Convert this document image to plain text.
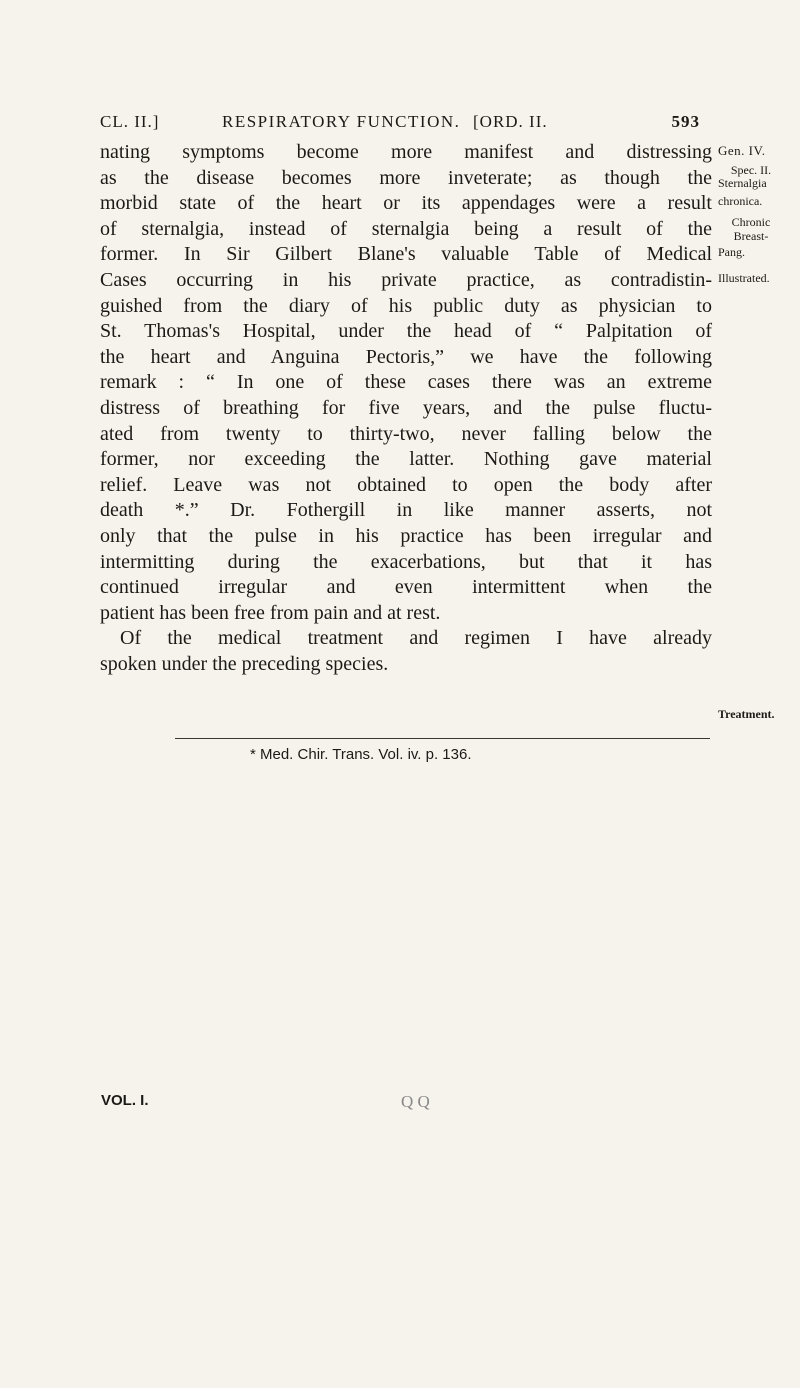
CL. II.]	RESPIRATORY FUNCTION. [ORD. II.	593
nating symptoms become more manifest and distressing
as the disease becomes more inveterate; as though the
morbid state of the heart or its appendages were a result
of sternalgia, instead of sternalgia being a result of the
former. In Sir Gilbert Blane's valuable Table of Medical
Cases occurring in his private practice, as contradistin-
guished from the diary of his public duty as physician to
St. Thomas's Hospital, under the head of “ Palpitation of
the heart and Anguina Pectoris,” we have the following
remark : “ In one of these cases there was an extreme
distress of breathing for five years, and the pulse fluctu-
ated from twenty to thirty-two, never falling below the
former, nor exceeding the latter. Nothing gave material
relief. Leave was not obtained to open the body after
death *.” Dr. Fothergill in like manner asserts, not
only that the pulse in his practice has been irregular and
intermitting during the exacerbations, but that it has
continued irregular and even intermittent when the
patient has been free from pain and at rest.
Of the medical treatment and regimen I have already
spoken under the preceding species.
Gen. IV.
Spec. II.
Sternalgia
chronica.
Chronic
Breast-
Pang.
Illustrated.
Treatment.
* Med. Chir. Trans. Vol. iv. p. 136.
VOL. I.	Q Q
